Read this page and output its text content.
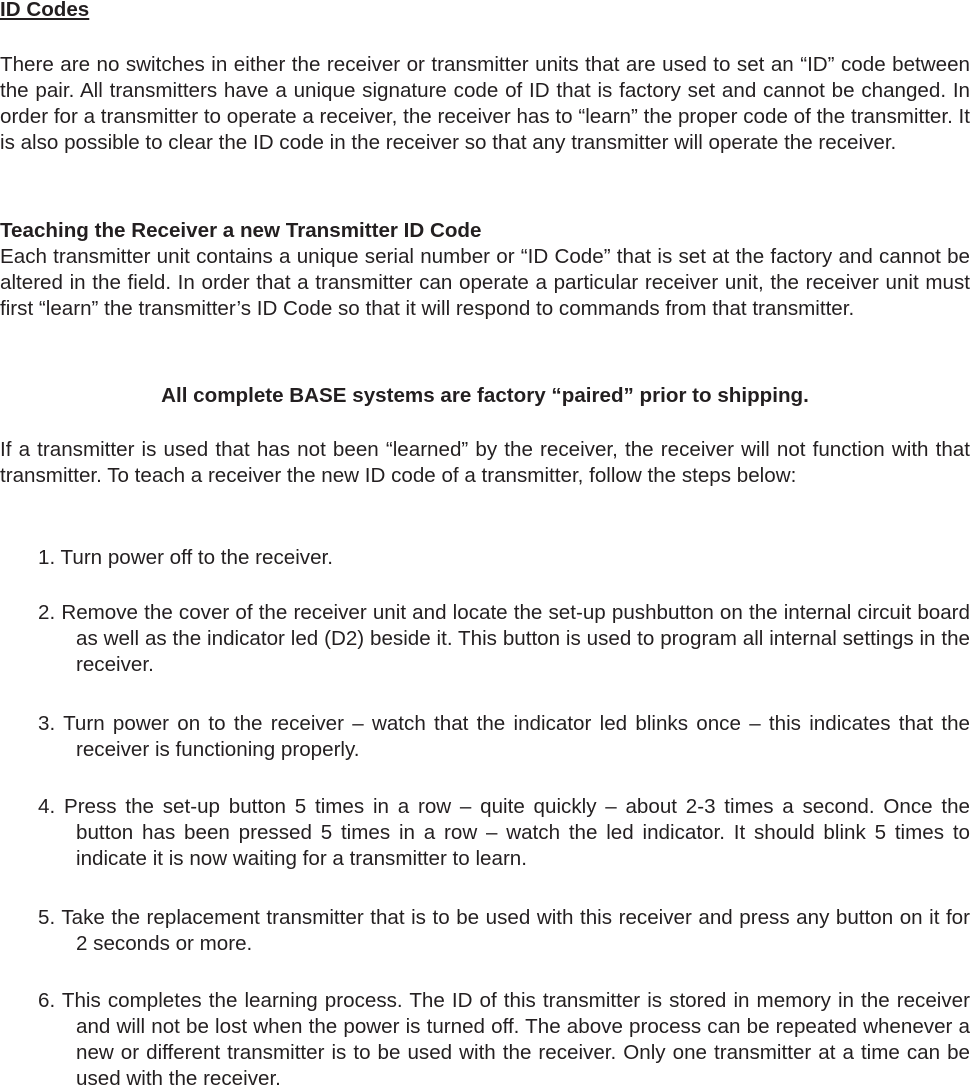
ID Codes

There are no switches in either the receiver or transmitter units that are used to set an “ID” code between the pair. All transmitters have a unique signature code of ID that is factory set and cannot be changed. In order for a transmitter to operate a receiver, the receiver has to “learn” the proper code of the transmitter. It is also possible to clear the ID code in the receiver so that any transmitter will operate the receiver.

Teaching the Receiver a new Transmitter ID Code

Each transmitter unit contains a unique serial number or “ID Code” that is set at the factory and cannot be altered in the field. In order that a transmitter can operate a particular receiver unit, the receiver unit must first “learn” the transmitter’s ID Code so that it will respond to commands from that transmitter.

All complete BASE systems are factory “paired” prior to shipping.

If a transmitter is used that has not been “learned” by the receiver, the receiver will not function with that transmitter. To teach a receiver the new ID code of a transmitter, follow the steps below:

1. Turn power off to the receiver.
2. Remove the cover of the receiver unit and locate the set-up pushbutton on the internal circuit board as well as the indicator led (D2) beside it. This button is used to program all internal settings in the receiver.
3. Turn power on to the receiver – watch that the indicator led blinks once – this indicates that the receiver is functioning properly.
4. Press the set-up button 5 times in a row – quite quickly – about 2-3 times a second. Once the button has been pressed 5 times in a row – watch the led indicator. It should blink 5 times to indicate it is now waiting for a transmitter to learn.
5. Take the replacement transmitter that is to be used with this receiver and press any button on it for 2 seconds or more.
6. This completes the learning process. The ID of this transmitter is stored in memory in the receiver and will not be lost when the power is turned off. The above process can be repeated whenever a new or different transmitter is to be used with the receiver. Only one transmitter at a time can be used with the receiver.
